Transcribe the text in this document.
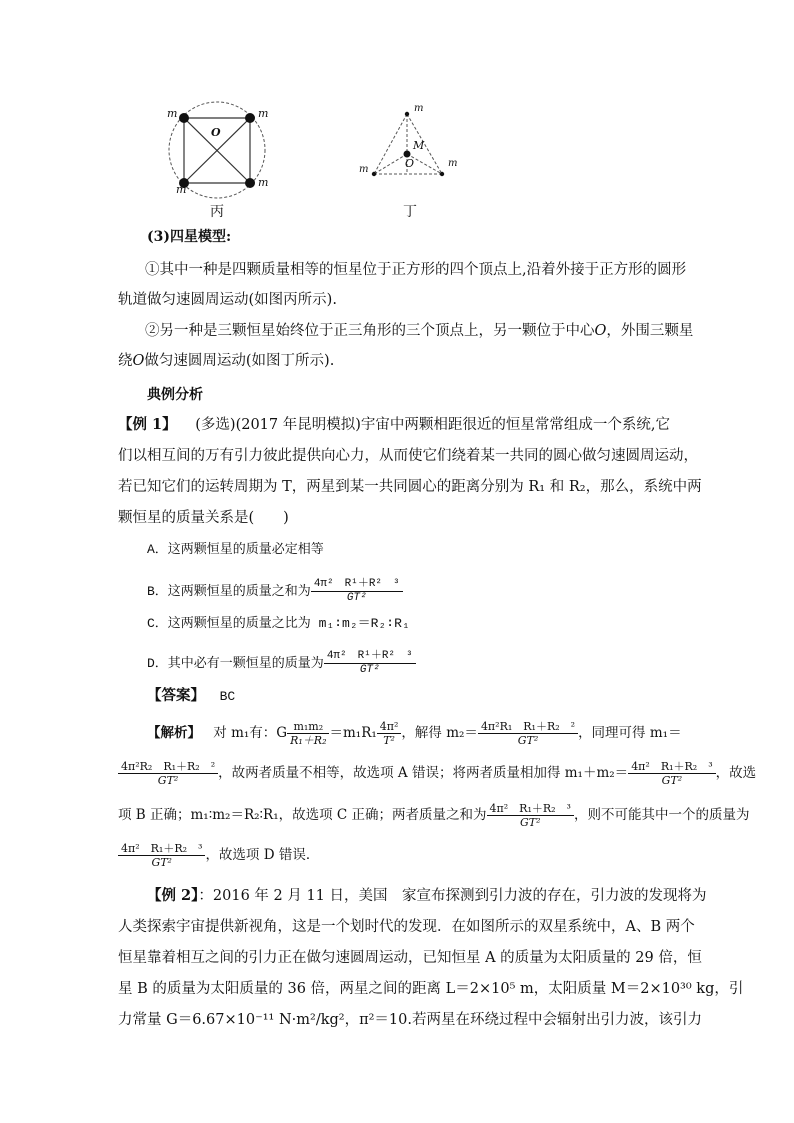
m	m
m
m
O
丙
m
m
m
M
O
丁
(3)四星模型:
①其中一种是四颗质量相等的恒星位于正方形的四个顶点上,沿着外接于正方形的圆形
轨道做匀速圆周运动(如图丙所示).
②另一种是三颗恒星始终位于正三角形的三个顶点上，另一颗位于中心O，外围三颗星
绕O做匀速圆周运动(如图丁所示).
典例分析
【例 1】 (多选)(2017 年昆明模拟)宇宙中两颗相距很近的恒星常常组成一个系统,它
们以相互间的万有引力彼此提供向心力，从而使它们绕着某一共同的圆心做匀速圆周运动，
若已知它们的运转周期为 T，两星到某一共同圆心的距离分别为 R₁ 和 R₂，那么，系统中两
颗恒星的质量关系是(　　)
A．这两颗恒星的质量必定相等
B．这两颗恒星的质量之和为 $\frac{\text{4π²　R¹＋R²　³}}{\text{GT²}}$
C．这两颗恒星的质量之比为 m₁∶m₂＝R₂∶R₁
D．其中必有一颗恒星的质量为 $\frac{\text{4π²　R¹＋R²　³}}{\text{GT²}}$
【答案】 BC
【解析】 对 m₁有：G $\frac{\text{m₁m₂}}{\text{R₁＋R₂}} =m_1R_1 \frac{\text{4π²}}{\text{T²}}$ ，解得 $m_2= \frac{\text{4π²R₁　R₁＋R₂　²}}{\text{GT²}}$ ，同理可得 m₁＝
$\frac{\text{4π²R₂　R₁＋R₂　²}}{\text{GT²}}$ ，故两者质量不相等，故选项 A 错误；将两者质量相加得 $m_1+m_2= \frac{\text{4π²　R₁＋R₂　³}}{\text{GT²}}$ ，故选
项 B 正确；m₁∶m₂＝R₂∶R₁，故选项 C 正确；两者质量之和为 $\frac{\text{4π²　R₁＋R₂　³}}{\text{GT²}}$ ，则不可能其中一个的质量为
$\frac{\text{4π²　R₁＋R₂　³}}{\text{GT²}}$ ，故选项 D 错误．
【例 2】：2016 年 2 月 11 日，美国　家宣布探测到引力波的存在，引力波的发现将为
人类探索宇宙提供新视角，这是一个划时代的发现．在如图所示的双星系统中，A、B 两个
恒星靠着相互之间的引力正在做匀速圆周运动，已知恒星 A 的质量为太阳质量的 29 倍，恒
星 B 的质量为太阳质量的 36 倍，两星之间的距离 L＝2×10⁵ m，太阳质量 M＝2×10³⁰ kg，引
力常量 G＝6.67×10⁻¹¹ N·m²/kg²，π²＝10.若两星在环绕过程中会辐射出引力波，该引力
